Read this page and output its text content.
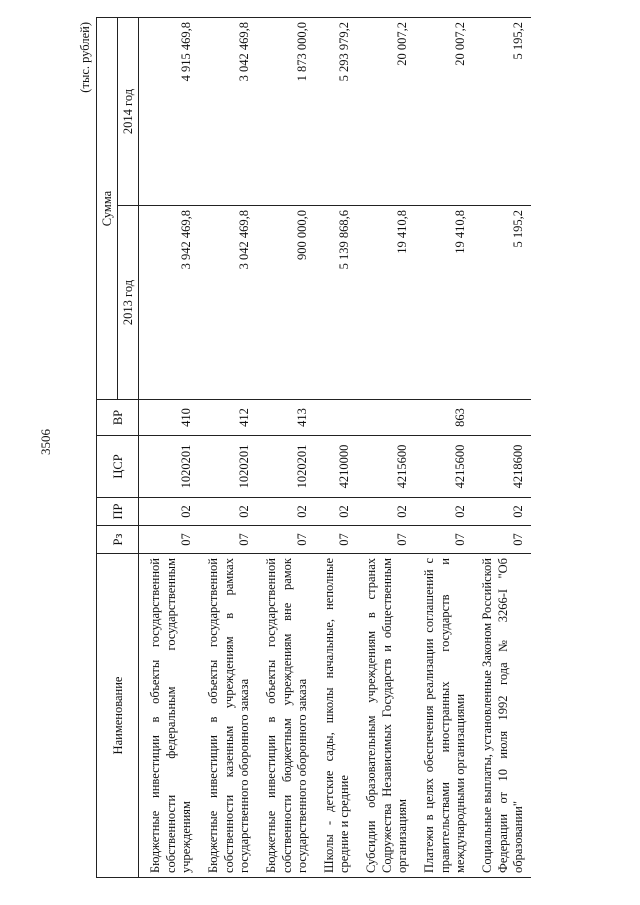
3506
(тыс. рублей)
Наименование	Рз	ПР	ЦСР	ВР	Сумма	
					2013 год	2014 год
Бюджетные инвестиции в объекты государственной собственности федеральным государственным учреждениям	07	02	1020201	410	3 942 469,8	4 915 469,8
Бюджетные инвестиции в объекты государственной собственности казенным учреждениям в рамках государственного оборонного заказа	07	02	1020201	412	3 042 469,8	3 042 469,8
Бюджетные инвестиции в объекты государственной собственности бюджетным учреждениям вне рамок государственного оборонного заказа	07	02	1020201	413	900 000,0	1 873 000,0
Школы - детские сады, школы начальные, неполные средние и средние	07	02	4210000		5 139 868,6	5 293 979,2
Субсидии образовательным учреждениям в странах Содружества Независимых Государств и общественным организациям	07	02	4215600		19 410,8	20 007,2
Платежи в целях обеспечения реализации соглашений с правительствами иностранных государств и международными организациями	07	02	4215600	863	19 410,8	20 007,2
Социальные выплаты, установленные Законом Российской Федерации от 10 июля 1992 года № 3266-I "Об образовании"	07	02	4218600		5 195,2	5 195,2
